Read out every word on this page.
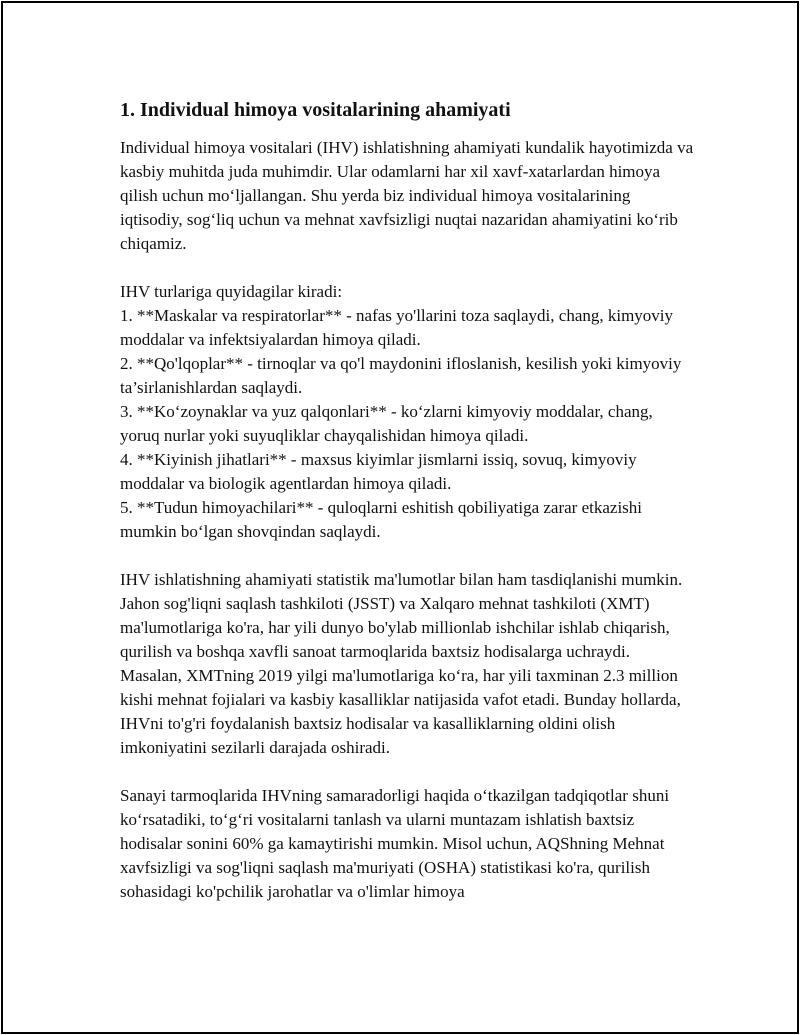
1. Individual himoya vositalarining ahamiyati

Individual himoya vositalari (IHV) ishlatishning ahamiyati kundalik hayotimizda va kasbiy muhitda juda muhimdir. Ular odamlarni har xil xavf-xatarlardan himoya qilish uchun mo‘ljallangan. Shu yerda biz individual himoya vositalarining iqtisodiy, sog‘liq uchun va mehnat xavfsizligi nuqtai nazaridan ahamiyatini ko‘rib chiqamiz.

IHV turlariga quyidagilar kiradi:
1. **Maskalar va respiratorlar** - nafas yo'llarini toza saqlaydi, chang, kimyoviy moddalar va infektsiyalardan himoya qiladi.
2. **Qo'lqoplar** - tirnoqlar va qo'l maydonini ifloslanish, kesilish yoki kimyoviy ta’sirlanishlardan saqlaydi.
3. **Ko‘zoynaklar va yuz qalqonlari** - ko‘zlarni kimyoviy moddalar, chang, yoruq nurlar yoki suyuqliklar chayqalishidan himoya qiladi.
4. **Kiyinish jihatlari** - maxsus kiyimlar jismlarni issiq, sovuq, kimyoviy moddalar va biologik agentlardan himoya qiladi.
5. **Tudun himoyachilari** - quloqlarni eshitish qobiliyatiga zarar etkazishi mumkin bo‘lgan shovqindan saqlaydi.

IHV ishlatishning ahamiyati statistik ma'lumotlar bilan ham tasdiqlanishi mumkin. Jahon sog'liqni saqlash tashkiloti (JSST) va Xalqaro mehnat tashkiloti (XMT) ma'lumotlariga ko'ra, har yili dunyo bo'ylab millionlab ishchilar ishlab chiqarish, qurilish va boshqa xavfli sanoat tarmoqlarida baxtsiz hodisalarga uchraydi. Masalan, XMTning 2019 yilgi ma'lumotlariga ko‘ra, har yili taxminan 2.3 million kishi mehnat fojialari va kasbiy kasalliklar natijasida vafot etadi. Bunday hollarda, IHVni to'g'ri foydalanish baxtsiz hodisalar va kasalliklarning oldini olish imkoniyatini sezilarli darajada oshiradi.

Sanayi tarmoqlarida IHVning samaradorligi haqida o‘tkazilgan tadqiqotlar shuni ko‘rsatadiki, to‘g‘ri vositalarni tanlash va ularni muntazam ishlatish baxtsiz hodisalar sonini 60% ga kamaytirishi mumkin. Misol uchun, AQShning Mehnat xavfsizligi va sog'liqni saqlash ma'muriyati (OSHA) statistikasi ko'ra, qurilish sohasidagi ko'pchilik jarohatlar va o'limlar himoya
